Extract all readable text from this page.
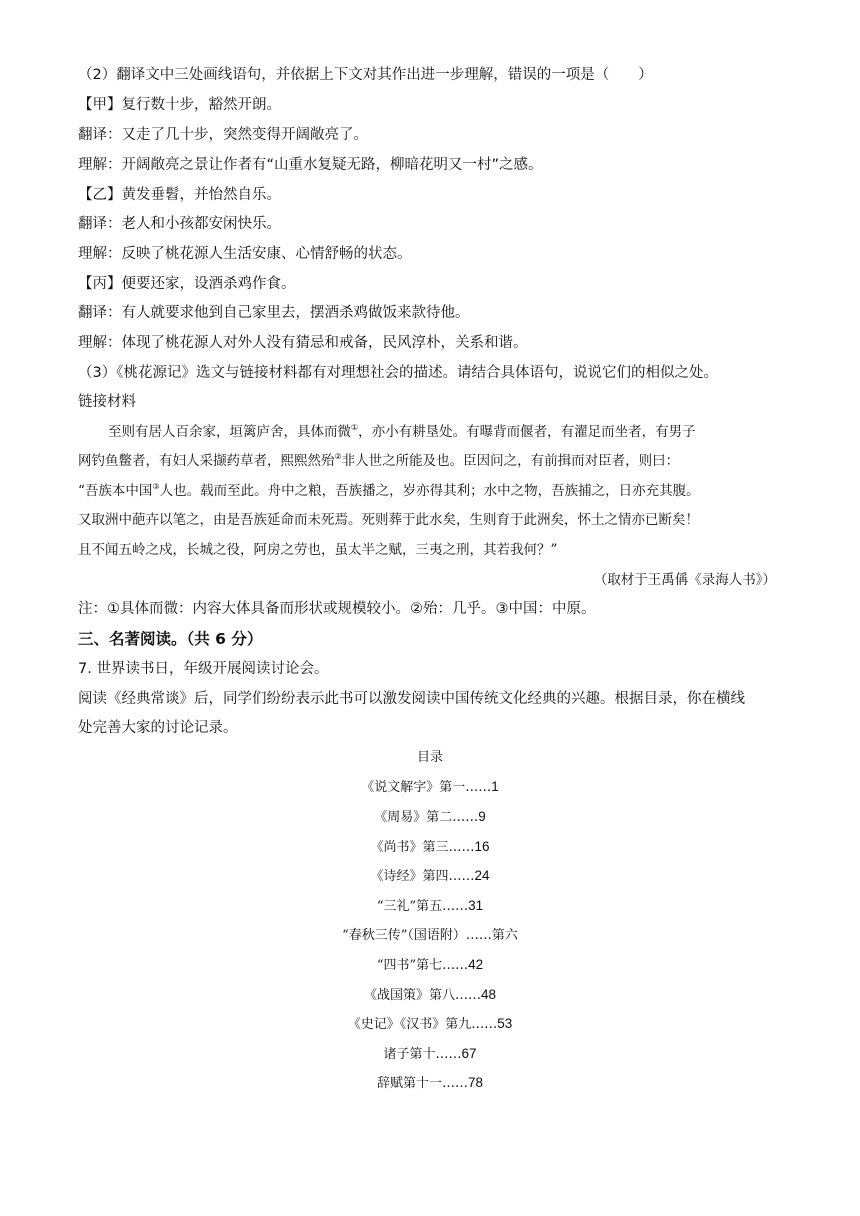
（2）翻译文中三处画线语句，并依据上下文对其作出进一步理解，错误的一项是（　　）
【甲】复行数十步，豁然开朗。
翻译：又走了几十步，突然变得开阔敞亮了。
理解：开阔敞亮之景让作者有“山重水复疑无路，柳暗花明又一村”之感。
【乙】黄发垂髫，并怡然自乐。
翻译：老人和小孩都安闲快乐。
理解：反映了桃花源人生活安康、心情舒畅的状态。
【丙】便要还家，设酒杀鸡作食。
翻译：有人就要求他到自己家里去，摆酒杀鸡做饭来款待他。
理解：体现了桃花源人对外人没有猜忌和戒备，民风淳朴，关系和谐。
（3）《桃花源记》选文与链接材料都有对理想社会的描述。请结合具体语句，说说它们的相似之处。
链接材料
至则有居人百余家，垣篱庐舍，具体而微①，亦小有耕垦处。有曝背而偃者，有濯足而坐者，有男子
网钓鱼鳖者，有妇人采撷药草者，熙熙然殆②非人世之所能及也。臣因问之，有前揖而对臣者，则曰：
“吾族本中国③人也。载而至此。舟中之粮，吾族播之，岁亦得其利；水中之物，吾族捕之，日亦充其腹。
又取洲中葩卉以笔之，由是吾族延命而未死焉。死则葬于此水矣，生则育于此洲矣，怀土之情亦已断矣！
且不闻五岭之戍，长城之役，阿房之劳也，虽太半之赋，三夷之刑，其若我何？”
（取材于王禹偁《录海人书》）
注：①具体而微：内容大体具备而形状或规模较小。②殆：几乎。③中国：中原。
三、名著阅读。（共 6 分）
7. 世界读书日，年级开展阅读讨论会。
阅读《经典常谈》后，同学们纷纷表示此书可以激发阅读中国传统文化经典的兴趣。根据目录，你在横线
处完善大家的讨论记录。
目录
《说文解字》第一……1
《周易》第二……9
《尚书》第三……16
《诗经》第四……24
“三礼”第五……31
“春秋三传”（国语附）……第六
“四书”第七……42
《战国策》第八……48
《史记》《汉书》第九……53
诸子第十……67
辞赋第十一……78
